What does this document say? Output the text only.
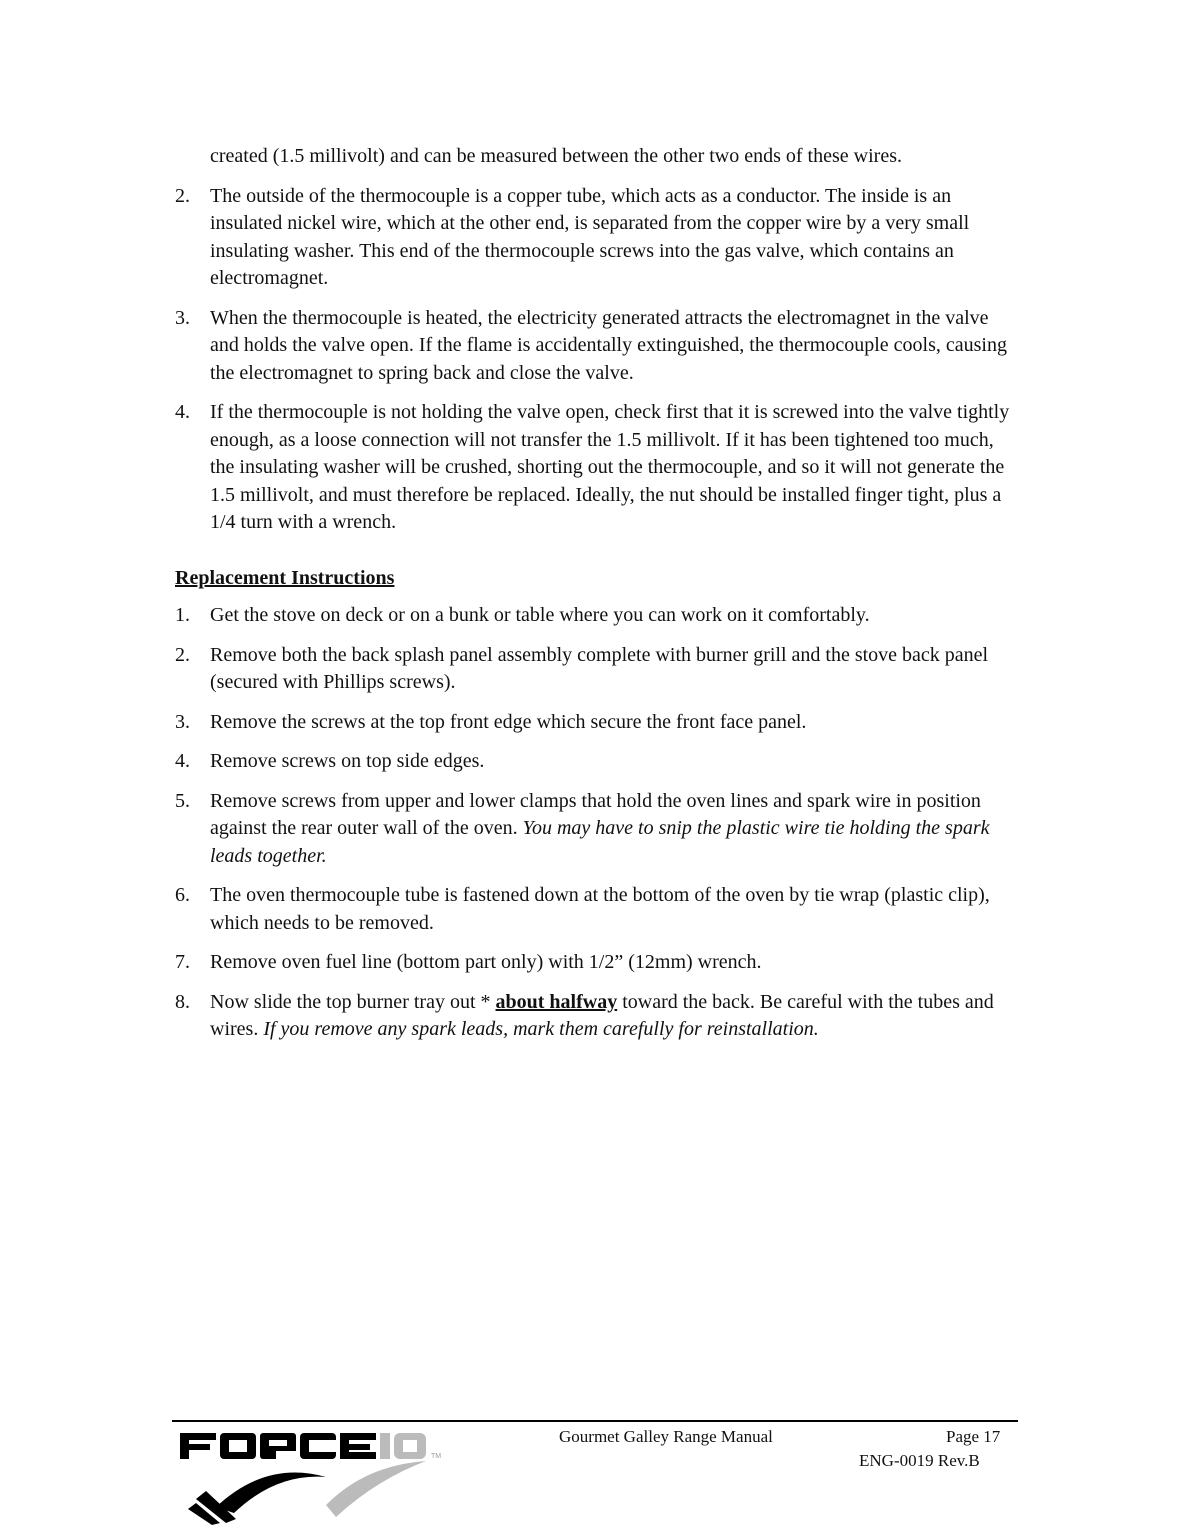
created (1.5 millivolt) and can be measured between the other two ends of these wires.
2. The outside of the thermocouple is a copper tube, which acts as a conductor. The inside is an insulated nickel wire, which at the other end, is separated from the copper wire by a very small insulating washer. This end of the thermocouple screws into the gas valve, which contains an electromagnet.
3. When the thermocouple is heated, the electricity generated attracts the electromagnet in the valve and holds the valve open. If the flame is accidentally extinguished, the thermocouple cools, causing the electromagnet to spring back and close the valve.
4. If the thermocouple is not holding the valve open, check first that it is screwed into the valve tightly enough, as a loose connection will not transfer the 1.5 millivolt. If it has been tightened too much, the insulating washer will be crushed, shorting out the thermocouple, and so it will not generate the 1.5 millivolt, and must therefore be replaced. Ideally, the nut should be installed finger tight, plus a 1/4 turn with a wrench.
Replacement Instructions
1. Get the stove on deck or on a bunk or table where you can work on it comfortably.
2. Remove both the back splash panel assembly complete with burner grill and the stove back panel (secured with Phillips screws).
3. Remove the screws at the top front edge which secure the front face panel.
4. Remove screws on top side edges.
5. Remove screws from upper and lower clamps that hold the oven lines and spark wire in position against the rear outer wall of the oven. You may have to snip the plastic wire tie holding the spark leads together.
6. The oven thermocouple tube is fastened down at the bottom of the oven by tie wrap (plastic clip), which needs to be removed.
7. Remove oven fuel line (bottom part only) with 1/2” (12mm) wrench.
8. Now slide the top burner tray out * about halfway toward the back. Be careful with the tubes and wires. If you remove any spark leads, mark them carefully for reinstallation.
TM
Gourmet Galley Range Manual	Page 17
ENG-0019 Rev.B
